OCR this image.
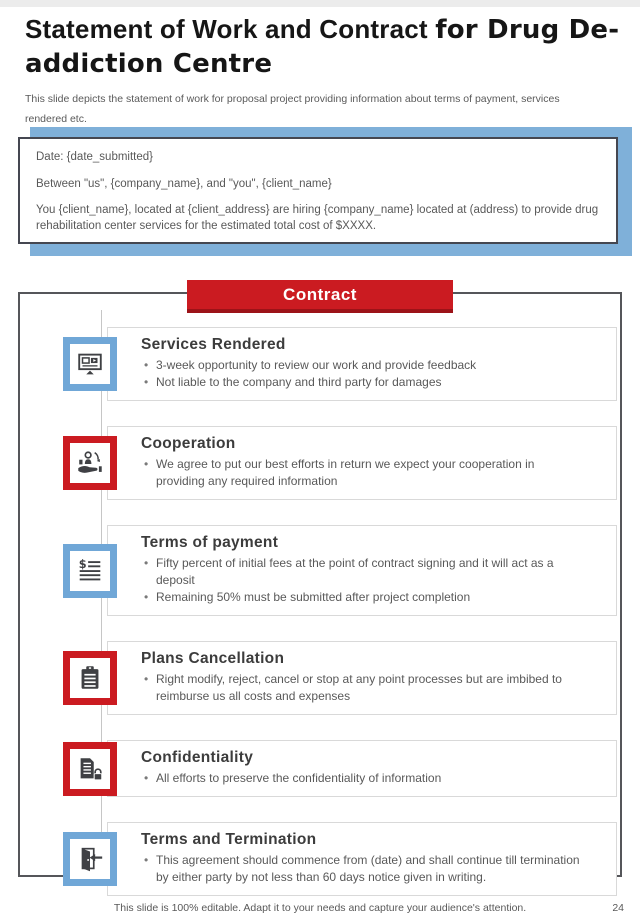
Statement of Work and Contract for Drug De-addiction Centre
This slide depicts the statement of work for proposal project providing information about terms of payment, services rendered etc.

Date: {date_submitted}

Between "us", {company_name}, and "you", {client_name}

You {client_name}, located at {client_address} are hiring {company_name} located at (address) to provide drug rehabilitation center services for the estimated total cost of $XXXX.

Contract
Services Rendered
• 3-week opportunity to review our work and provide feedback
• Not liable to the company and third party for damages
Cooperation
• We agree to put our best efforts in return we expect your cooperation in providing any required information
$
Terms of payment
• Fifty percent of initial fees at the point of contract signing and it will act as a deposit
• Remaining 50% must be submitted after project completion
Plans Cancellation
• Right modify, reject, cancel or stop at any point processes but are imbibed to reimburse us all costs and expenses
Confidentiality
• All efforts to preserve the confidentiality of information
Terms and Termination
• This agreement should commence from (date) and shall continue till termination by either party by not less than 60 days notice given in writing.
This slide is 100% editable. Adapt it to your needs and capture your audience's attention.	24
